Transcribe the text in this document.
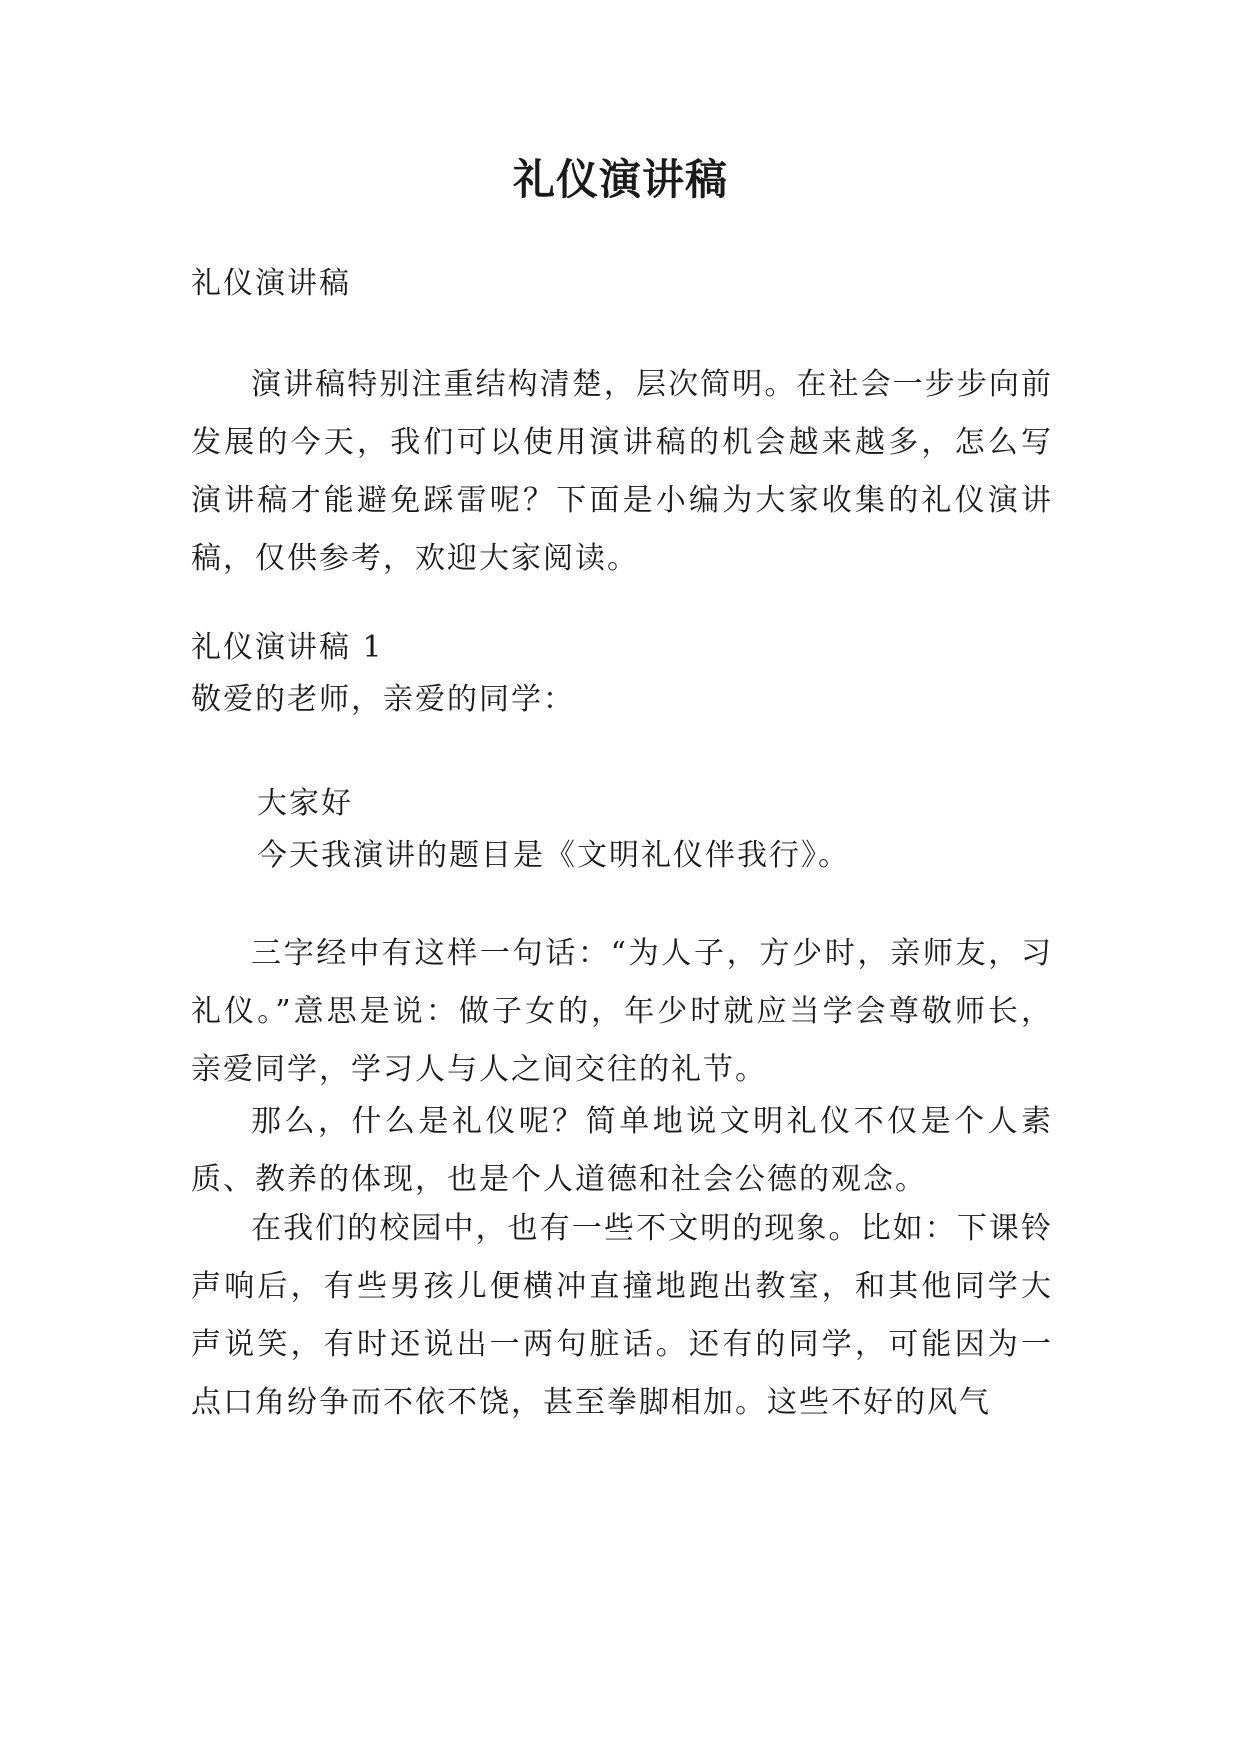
礼仪演讲稿
礼仪演讲稿

演讲稿特别注重结构清楚，层次简明。在社会一步步向前发展的今天，我们可以使用演讲稿的机会越来越多，怎么写演讲稿才能避免踩雷呢？下面是小编为大家收集的礼仪演讲稿，仅供参考，欢迎大家阅读。

礼仪演讲稿 1
敬爱的老师，亲爱的同学：
大家好
今天我演讲的题目是《文明礼仪伴我行》。

三字经中有这样一句话：“为人子，方少时，亲师友，习礼仪。”意思是说：做子女的，年少时就应当学会尊敬师长，亲爱同学，学习人与人之间交往的礼节。

那么，什么是礼仪呢？简单地说文明礼仪不仅是个人素质、教养的体现，也是个人道德和社会公德的观念。

在我们的校园中，也有一些不文明的现象。比如：下课铃声响后，有些男孩儿便横冲直撞地跑出教室，和其他同学大声说笑，有时还说出一两句脏话。还有的同学，可能因为一点口角纷争而不依不饶，甚至拳脚相加。这些不好的风气
